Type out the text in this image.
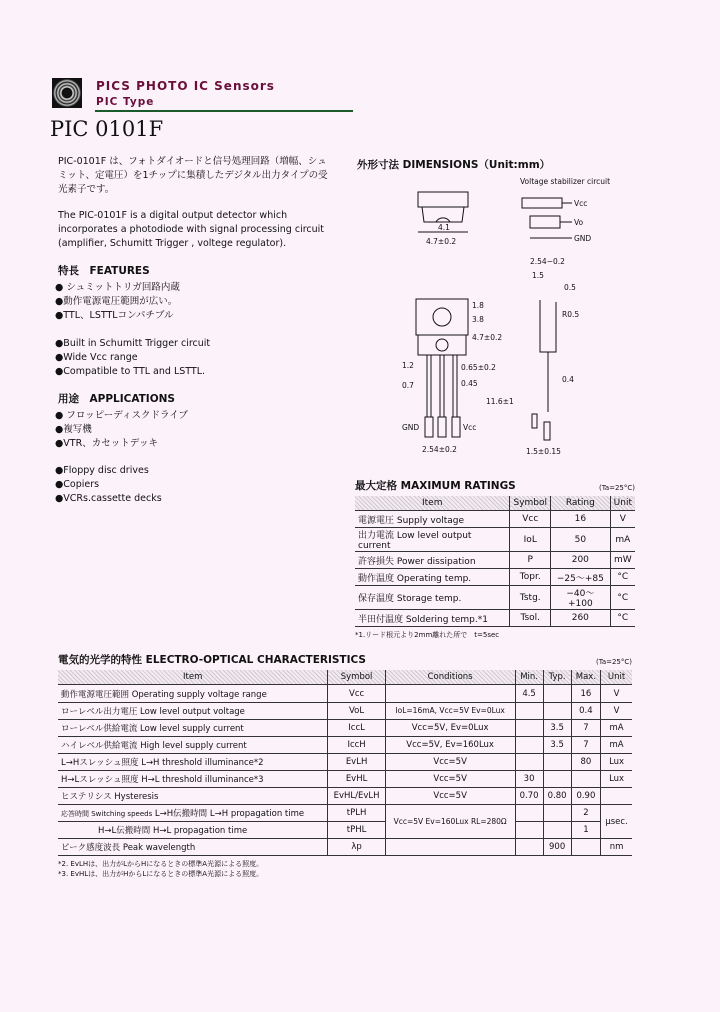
PICS PHOTO IC Sensors
PIC Type
PIC 0101F
PIC-0101F は、フォトダイオードと信号処理回路（増幅、シュミット、定電圧）を1チップに集積したデジタル出力タイプの受光素子です。
The PIC-0101F is a digital output detector which incorporates a photodiode with signal processing circuit (amplifier, Schumitt Trigger , voltege regulator).
特長　FEATURES
● シュミットトリガ回路内蔵
●動作電源電圧範囲が広い。
●TTL、LSTTLコンパチブル
●Built in Schumitt Trigger circuit
●Wide Vcc range
●Compatible to TTL and LSTTL.
用途　APPLICATIONS
● フロッピーディスクドライブ
●複写機
●VTR、カセットデッキ
●Floppy disc drives
●Copiers
●VCRs.cassette decks
外形寸法 DIMENSIONS（Unit:mm）
4.1
4.7±0.2
Voltage stabilizer circuit
Vcc
Vo
GND
GND	Vcc
2.54±0.2
1.8
3.8
4.7±0.2
1.2
0.7
0.65±0.2
0.45
11.6±1
2.54−0.2
1.5
0.5
R0.5
0.4
1.5±0.15
最大定格 MAXIMUM RATINGS	(Ta=25°C)
Item	Symbol	Rating	Unit
電源電圧 Supply voltage	Vcc	16	V
出力電流 Low level output current	IoL	50	mA
許容損失 Power dissipation	P	200	mW
動作温度 Operating temp.	Topr.	−25〜+85	°C
保存温度 Storage temp.	Tstg.	−40〜+100	°C
半田付温度 Soldering temp.*1	Tsol.	260	°C
*1.リード根元より2mm離れた所で　t=5sec
電気的光学的特性 ELECTRO-OPTICAL CHARACTERISTICS	(Ta=25°C)
Item	Symbol	Conditions	Min.	Typ.	Max.	Unit
動作電源電圧範囲 Operating supply voltage range	Vcc		4.5		16	V
ローレベル出力電圧 Low level output voltage	VoL	IoL=16mA, Vcc=5V Ev=0Lux			0.4	V
ローレベル供給電流 Low level supply current	IccL	Vcc=5V, Ev=0Lux		3.5	7	mA
ハイレベル供給電流 High level supply current	IccH	Vcc=5V, Ev=160Lux		3.5	7	mA
L→Hスレッシュ照度 L→H threshold illuminance*2	EvLH	Vcc=5V			80	Lux
H→Lスレッシュ照度 H→L threshold illuminance*3	EvHL	Vcc=5V	30			Lux
ヒステリシス Hysteresis	EvHL/EvLH	Vcc=5V	0.70	0.80	0.90	
応答時間 Switching speeds L→H伝搬時間 L→H propagation time	tPLH	Vcc=5V Ev=160Lux RL=280Ω			2	μsec.
H→L伝搬時間 H→L propagation time	tPHL				1	
ピーク感度波長 Peak wavelength	λp			900		nm
*2. EvLHは、出力がLからHになるときの標準A光源による照度。
*3. EvHLは、出力がHからLになるときの標準A光源による照度。
